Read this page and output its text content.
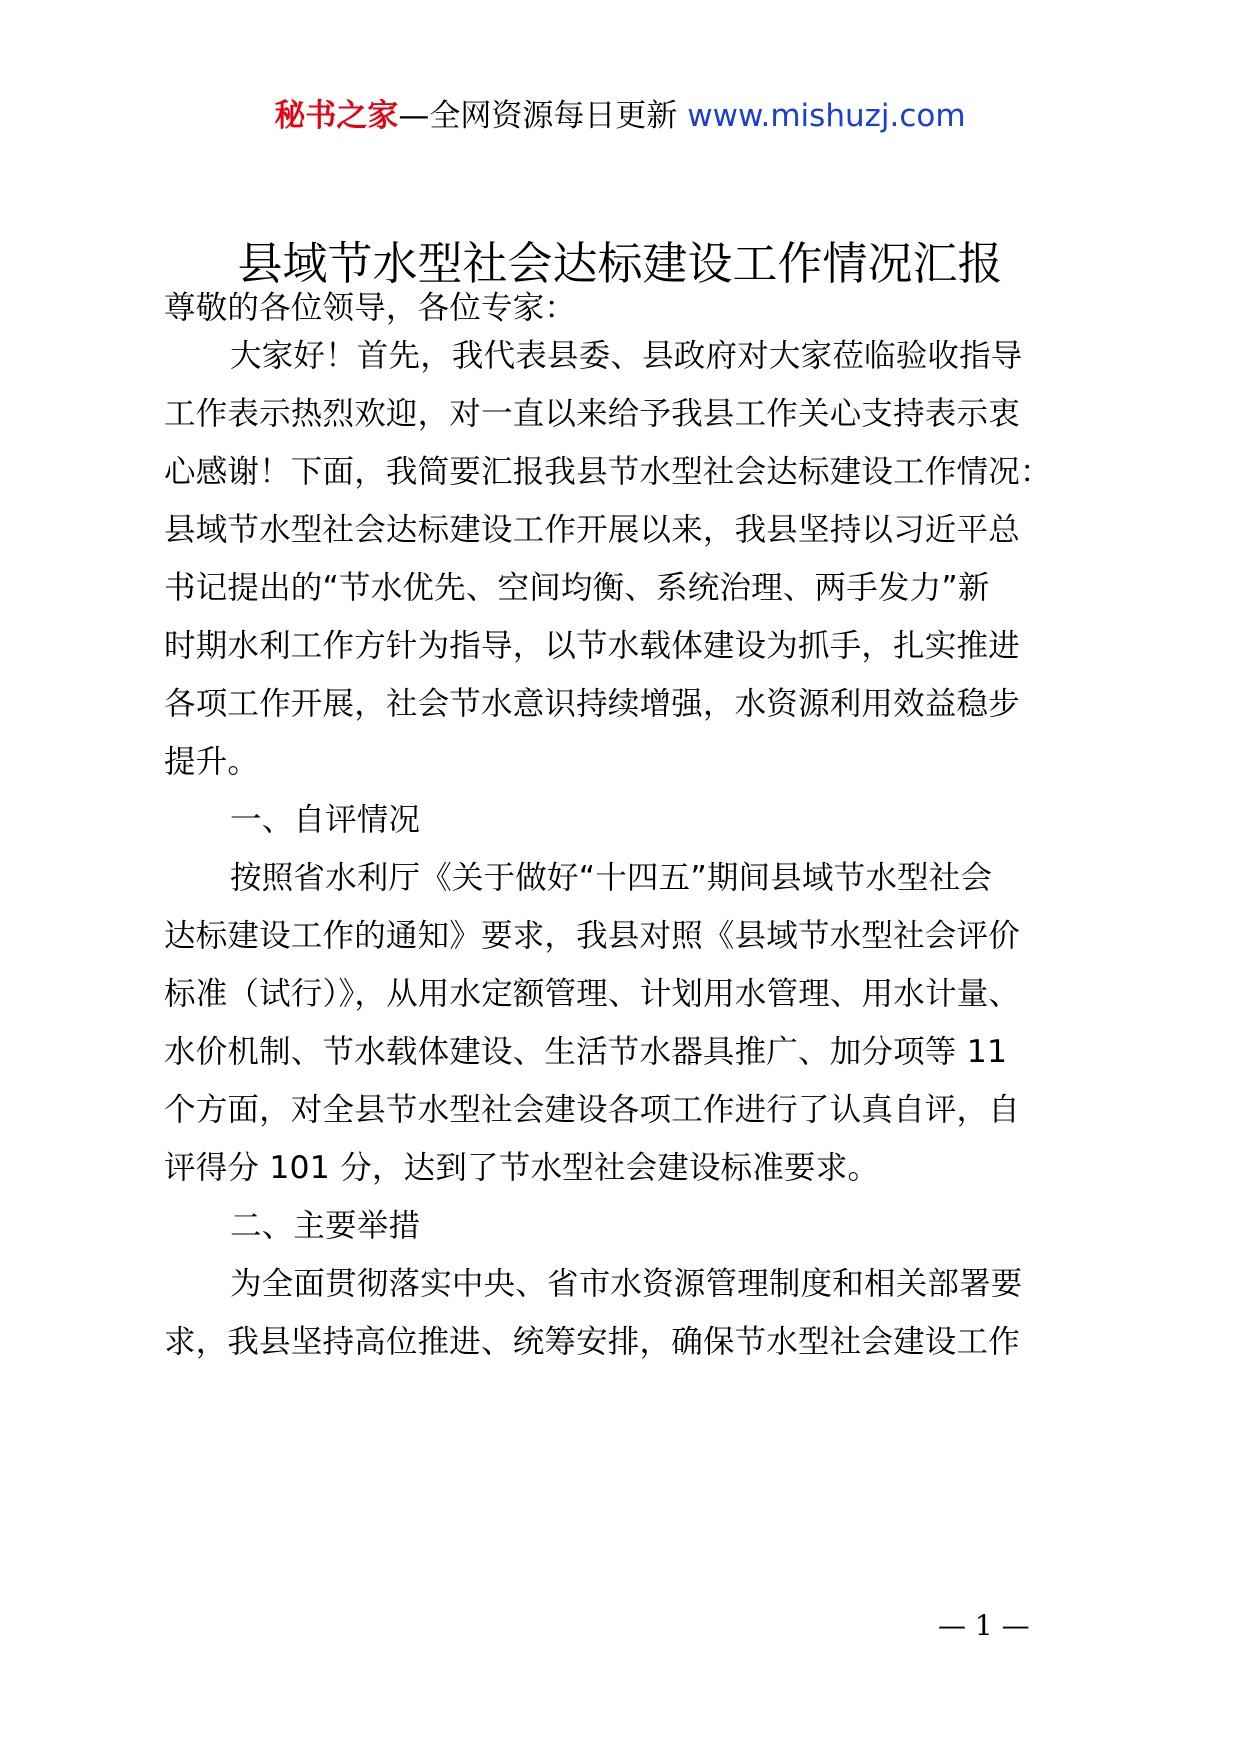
秘书之家—全网资源每日更新 www.mishuzj.com
县域节水型社会达标建设工作情况汇报
尊敬的各位领导，各位专家：
大家好！首先，我代表县委、县政府对大家莅临验收指导
工作表示热烈欢迎，对一直以来给予我县工作关心支持表示衷
心感谢！下面，我简要汇报我县节水型社会达标建设工作情况：
县域节水型社会达标建设工作开展以来，我县坚持以习近平总
书记提出的“节水优先、空间均衡、系统治理、两手发力”新
时期水利工作方针为指导，以节水载体建设为抓手，扎实推进
各项工作开展，社会节水意识持续增强，水资源利用效益稳步
提升。
一、自评情况
按照省水利厅《关于做好“十四五”期间县域节水型社会
达标建设工作的通知》要求，我县对照《县域节水型社会评价
标准（试行）》，从用水定额管理、计划用水管理、用水计量、
水价机制、节水载体建设、生活节水器具推广、加分项等 11
个方面，对全县节水型社会建设各项工作进行了认真自评，自
评得分 101 分，达到了节水型社会建设标准要求。
二、主要举措
为全面贯彻落实中央、省市水资源管理制度和相关部署要
求，我县坚持高位推进、统筹安排，确保节水型社会建设工作
— 1 —
